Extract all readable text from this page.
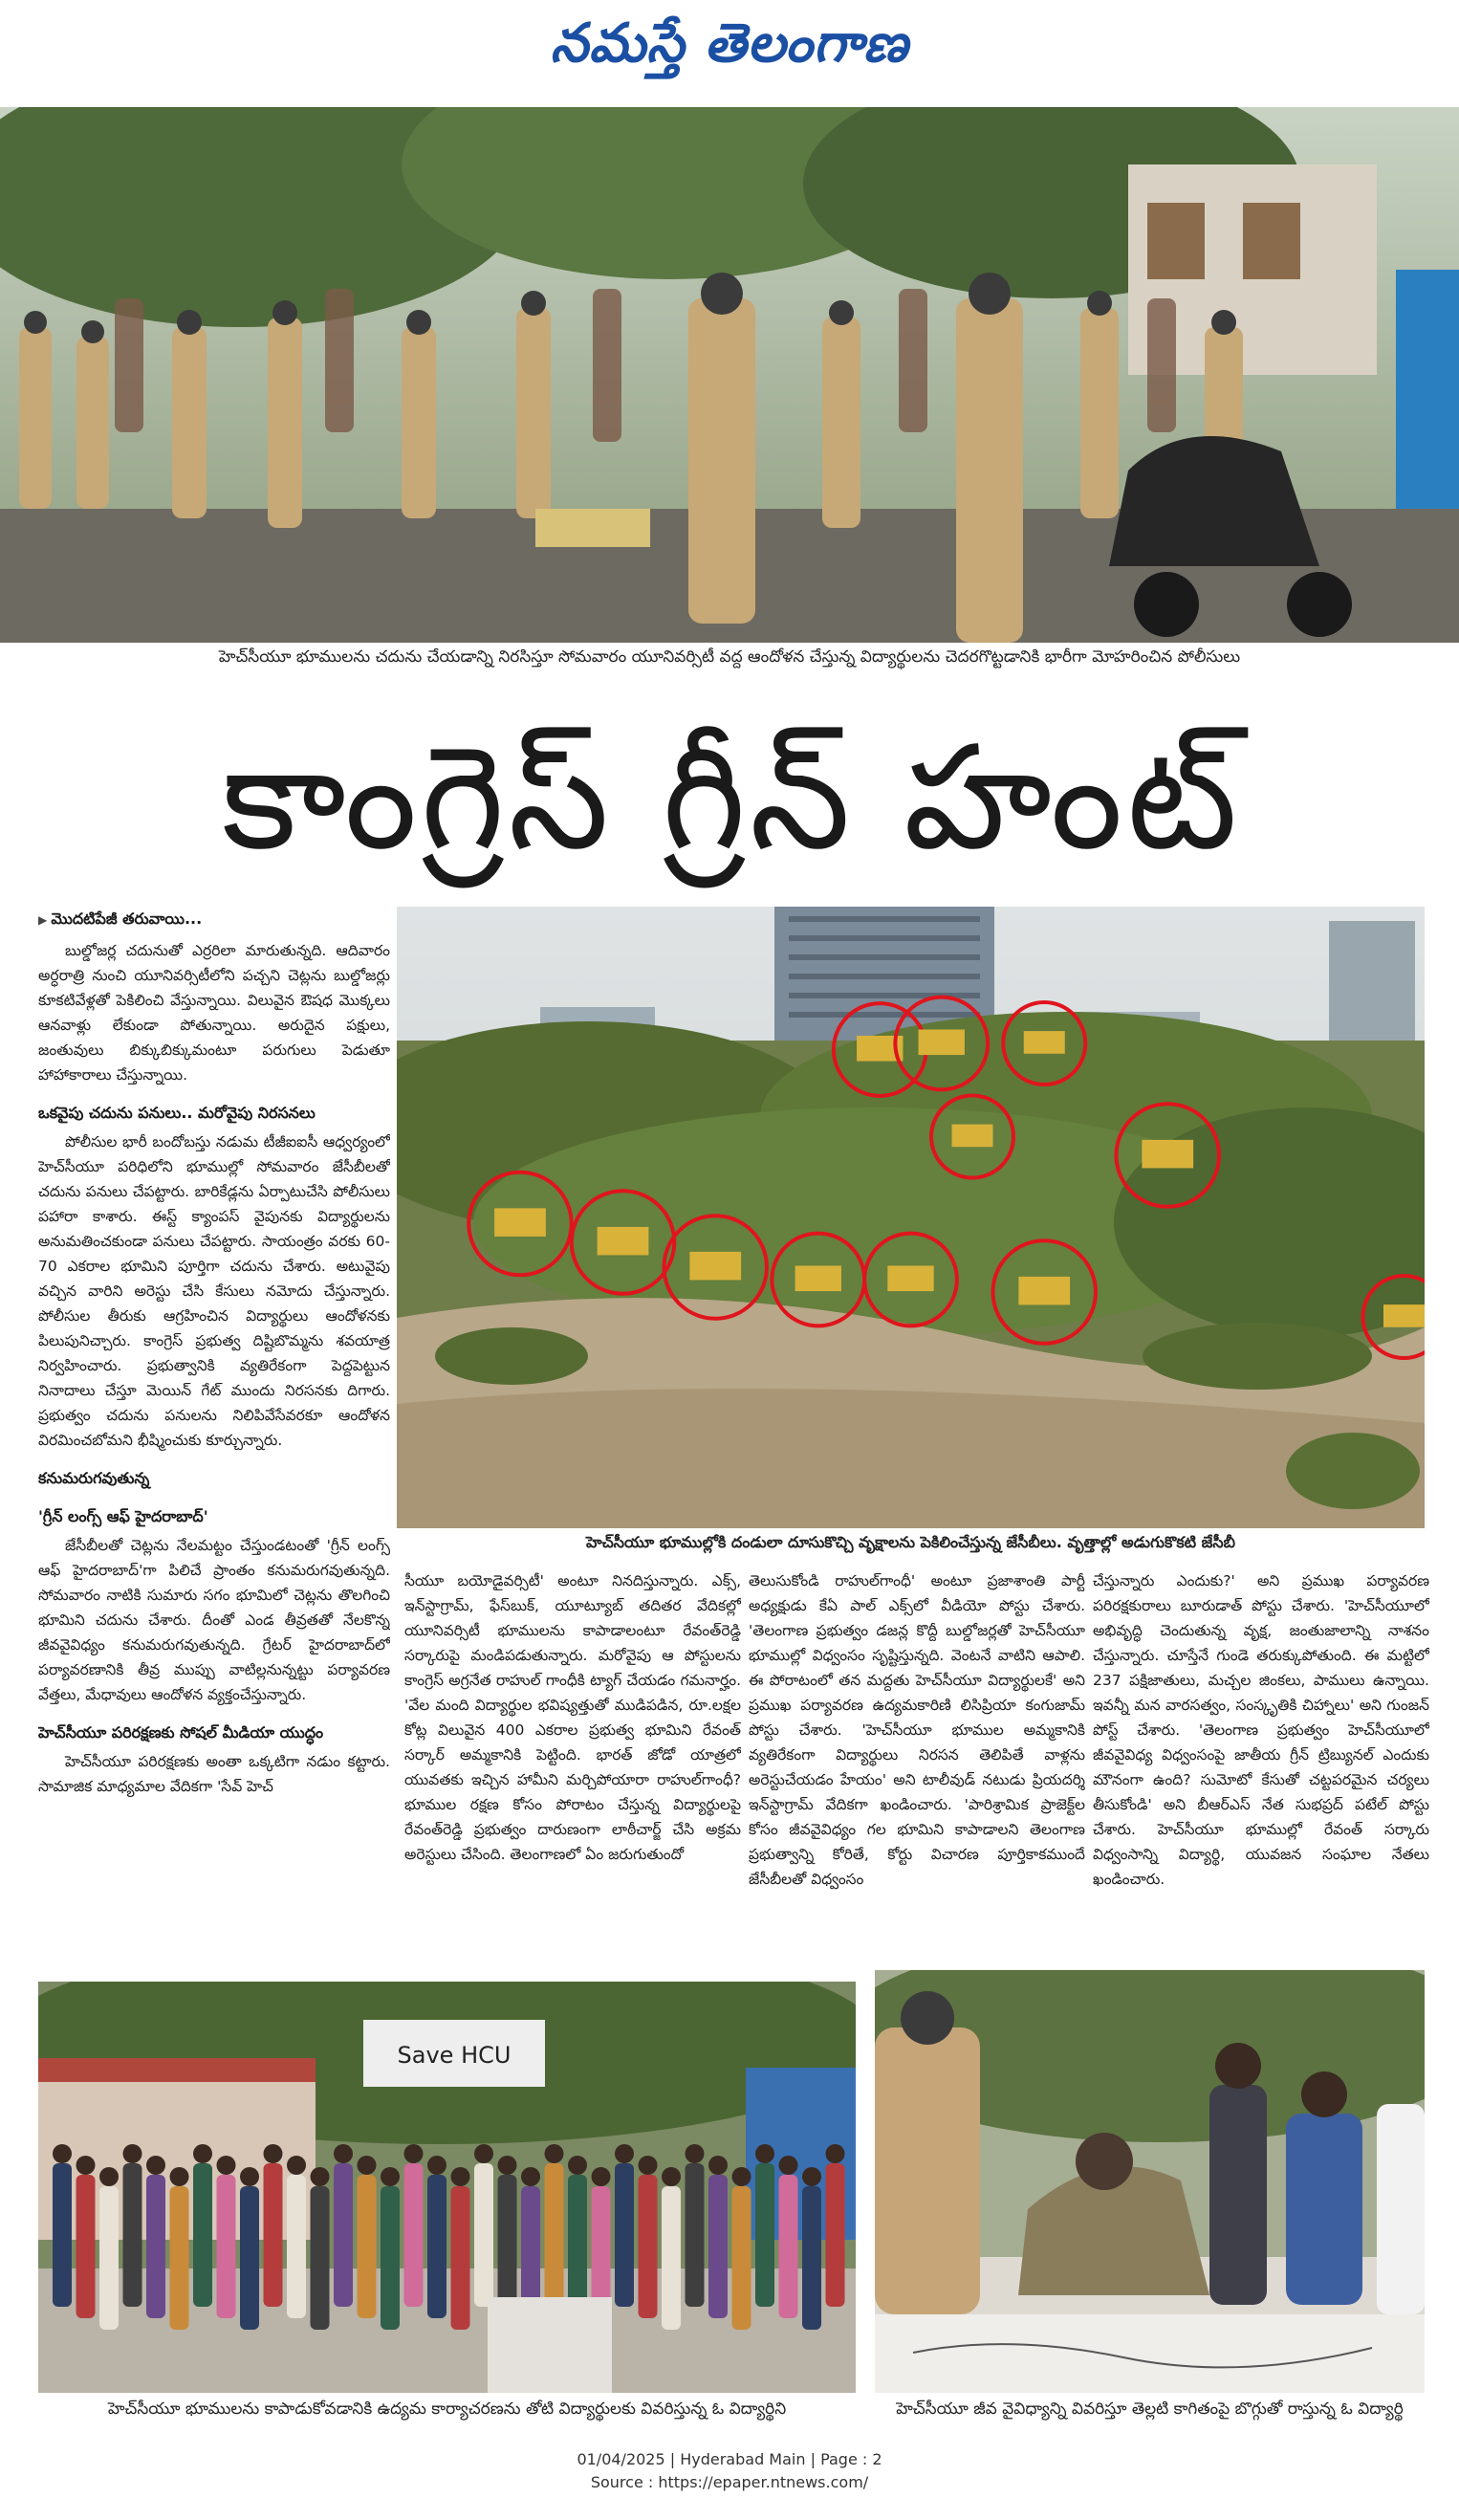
నమస్తే తెలంగాణ
హెచ్‌సీయూ భూములను చదును చేయడాన్ని నిరసిస్తూ సోమవారం యూనివర్సిటీ వద్ద ఆందోళన చేస్తున్న విద్యార్థులను చెదరగొట్టడానికి భారీగా మోహరించిన పోలీసులు
కాంగ్రెస్ గ్రీన్ హంట్
హెచ్‌సీయూ భూముల్లోకి దండులా దూసుకొచ్చి వృక్షాలను పెకిలించేస్తున్న జేసీబీలు. వృత్తాల్లో అడుగుకొకటి జేసీబీ
▶ మొదటిపేజీ తరువాయి...

బుల్డోజర్ల చదునుతో ఎర్రరిలా మారుతున్నది. ఆదివారం అర్ధరాత్రి నుంచి యూనివర్సిటీలోని పచ్చని చెట్లను బుల్డోజర్లు కూకటివేళ్లతో పెకిలించి వేస్తున్నాయి. విలువైన ఔషధ మొక్కలు ఆనవాళ్లు లేకుండా పోతున్నాయి. అరుదైన పక్షులు, జంతువులు బిక్కుబిక్కుమంటూ పరుగులు పెడుతూ హాహాకారాలు చేస్తున్నాయి.

ఒకవైపు చదును పనులు.. మరోవైపు నిరసనలు

పోలీసుల భారీ బందోబస్తు నడుమ టీజీఐఐసీ ఆధ్వర్యంలో హెచ్‌సీయూ పరిధిలోని భూముల్లో సోమవారం జేసీబీలతో చదును పనులు చేపట్టారు. బారికేడ్లను ఏర్పాటుచేసి పోలీసులు పహారా కాశారు. ఈస్ట్ క్యాంపస్ వైపునకు విద్యార్థులను అనుమతించకుండా పనులు చేపట్టారు. సాయంత్రం వరకు 60-70 ఎకరాల భూమిని పూర్తిగా చదును చేశారు. అటువైపు వచ్చిన వారిని అరెస్టు చేసి కేసులు నమోదు చేస్తున్నారు. పోలీసుల తీరుకు ఆగ్రహించిన విద్యార్థులు ఆందోళనకు పిలుపునిచ్చారు. కాంగ్రెస్ ప్రభుత్వ దిష్టిబొమ్మను శవయాత్ర నిర్వహించారు. ప్రభుత్వానికి వ్యతిరేకంగా పెద్దపెట్టున నినాదాలు చేస్తూ మెయిన్ గేట్ ముందు నిరసనకు దిగారు. ప్రభుత్వం చదును పనులను నిలిపివేసేవరకూ ఆందోళన విరమించబోమని భీష్మించుకు కూర్చున్నారు.

కనుమరుగవుతున్న
'గ్రీన్ లంగ్స్ ఆఫ్ హైదరాబాద్'

జేసీబీలతో చెట్లను నేలమట్టం చేస్తుండటంతో 'గ్రీన్ లంగ్స్ ఆఫ్ హైదరాబాద్'గా పిలిచే ప్రాంతం కనుమరుగవుతున్నది. సోమవారం నాటికి సుమారు సగం భూమిలో చెట్లను తొలగించి భూమిని చదును చేశారు. దీంతో ఎండ తీవ్రతతో నేలకొన్న జీవవైవిధ్యం కనుమరుగవుతున్నది. గ్రేటర్ హైదరాబాద్‌లో పర్యావరణానికి తీవ్ర ముప్పు వాటిల్లనున్నట్టు పర్యావరణ వేత్తలు, మేధావులు ఆందోళన వ్యక్తంచేస్తున్నారు.

హెచ్‌సీయూ పరిరక్షణకు సోషల్ మీడియా యుద్ధం

హెచ్‌సీయూ పరిరక్షణకు అంతా ఒక్కటిగా నడుం కట్టారు. సామాజిక మాధ్యమాల వేదికగా 'సేవ్ హెచ్

సీయూ బయోడైవర్సిటీ' అంటూ నినదిస్తున్నారు. ఎక్స్, ఇన్‌స్టాగ్రామ్, ఫేస్‌బుక్, యూట్యూబ్ తదితర వేదికల్లో యూనివర్సిటీ భూములను కాపాడాలంటూ రేవంత్‌రెడ్డి సర్కారుపై మండిపడుతున్నారు. మరోవైపు ఆ పోస్టులను కాంగ్రెస్ అగ్రనేత రాహుల్ గాంధీకి ట్యాగ్ చేయడం గమనార్హం. 'వేల మంది విద్యార్థుల భవిష్యత్తుతో ముడిపడిన, రూ.లక్షల కోట్ల విలువైన 400 ఎకరాల ప్రభుత్వ భూమిని రేవంత్ సర్కార్ అమ్మకానికి పెట్టింది. భారత్ జోడో యాత్రలో యువతకు ఇచ్చిన హామీని మర్చిపోయారా రాహుల్‌గాంధీ? భూముల రక్షణ కోసం పోరాటం చేస్తున్న విద్యార్థులపై రేవంత్‌రెడ్డి ప్రభుత్వం దారుణంగా లాఠీచార్జ్ చేసి అక్రమ అరెస్టులు చేసింది. తెలంగాణలో ఏం జరుగుతుందో

తెలుసుకోండి రాహుల్‌గాంధీ' అంటూ ప్రజాశాంతి పార్టీ అధ్యక్షుడు కేఏ పాల్ ఎక్స్‌లో వీడియో పోస్టు చేశారు. 'తెలంగాణ ప్రభుత్వం డజన్ల కొద్దీ బుల్డోజర్లతో హెచ్‌సీయూ భూముల్లో విధ్వంసం సృష్టిస్తున్నది. వెంటనే వాటిని ఆపాలి. ఈ పోరాటంలో తన మద్దతు హెచ్‌సీయూ విద్యార్థులకే' అని ప్రముఖ పర్యావరణ ఉద్యమకారిణి లిసిప్రియా కంగుజామ్ పోస్టు చేశారు. 'హెచ్‌సీయూ భూముల అమ్మకానికి వ్యతిరేకంగా విద్యార్థులు నిరసన తెలిపితే వాళ్లను అరెస్టుచేయడం హేయం' అని టాలీవుడ్ నటుడు ప్రియదర్శి ఇన్‌స్టాగ్రామ్ వేదికగా ఖండించారు. 'పారిశ్రామిక ప్రాజెక్ట్‌ల కోసం జీవవైవిధ్యం గల భూమిని కాపాడాలని తెలంగాణ ప్రభుత్వాన్ని కోరితే, కోర్టు విచారణ పూర్తికాకముందే జేసీబీలతో విధ్వంసం

చేస్తున్నారు ఎందుకు?' అని ప్రముఖ పర్యావరణ పరిరక్షకురాలు బూరుడాత్ పోస్టు చేశారు. 'హెచ్‌సీయూలో అభివృద్ధి చెందుతున్న వృక్ష, జంతుజాలాన్ని నాశనం చేస్తున్నారు. చూస్తేనే గుండె తరుక్కుపోతుంది. ఈ మట్టిలో 237 పక్షిజాతులు, మచ్చల జింకలు, పాములు ఉన్నాయి. ఇవన్నీ మన వారసత్వం, సంస్కృతికి చిహ్నాలు' అని గుంజన్ పోస్ట్ చేశారు. 'తెలంగాణ ప్రభుత్వం హెచ్‌సీయూలో జీవవైవిధ్య విధ్వంసంపై జాతీయ గ్రీన్ ట్రిబ్యునల్ ఎందుకు మౌనంగా ఉంది? సుమోటో కేసుతో చట్టపరమైన చర్యలు తీసుకోండి' అని బీఆర్ఎస్ నేత సుభప్రద్ పటేల్ పోస్టు చేశారు. హెచ్‌సీయూ భూముల్లో రేవంత్ సర్కారు విధ్వంసాన్ని విద్యార్థి, యువజన సంఘాల నేతలు ఖండించారు.

Save HCU
హెచ్‌సీయూ భూములను కాపాడుకోవడానికి ఉద్యమ కార్యాచరణను తోటి విద్యార్థులకు వివరిస్తున్న ఓ విద్యార్థిని	హెచ్‌సీయూ జీవ వైవిధ్యాన్ని వివరిస్తూ తెల్లటి కాగితంపై బొగ్గుతో రాస్తున్న ఓ విద్యార్థి
01/04/2025 | Hyderabad Main | Page : 2
Source : https://epaper.ntnews.com/
